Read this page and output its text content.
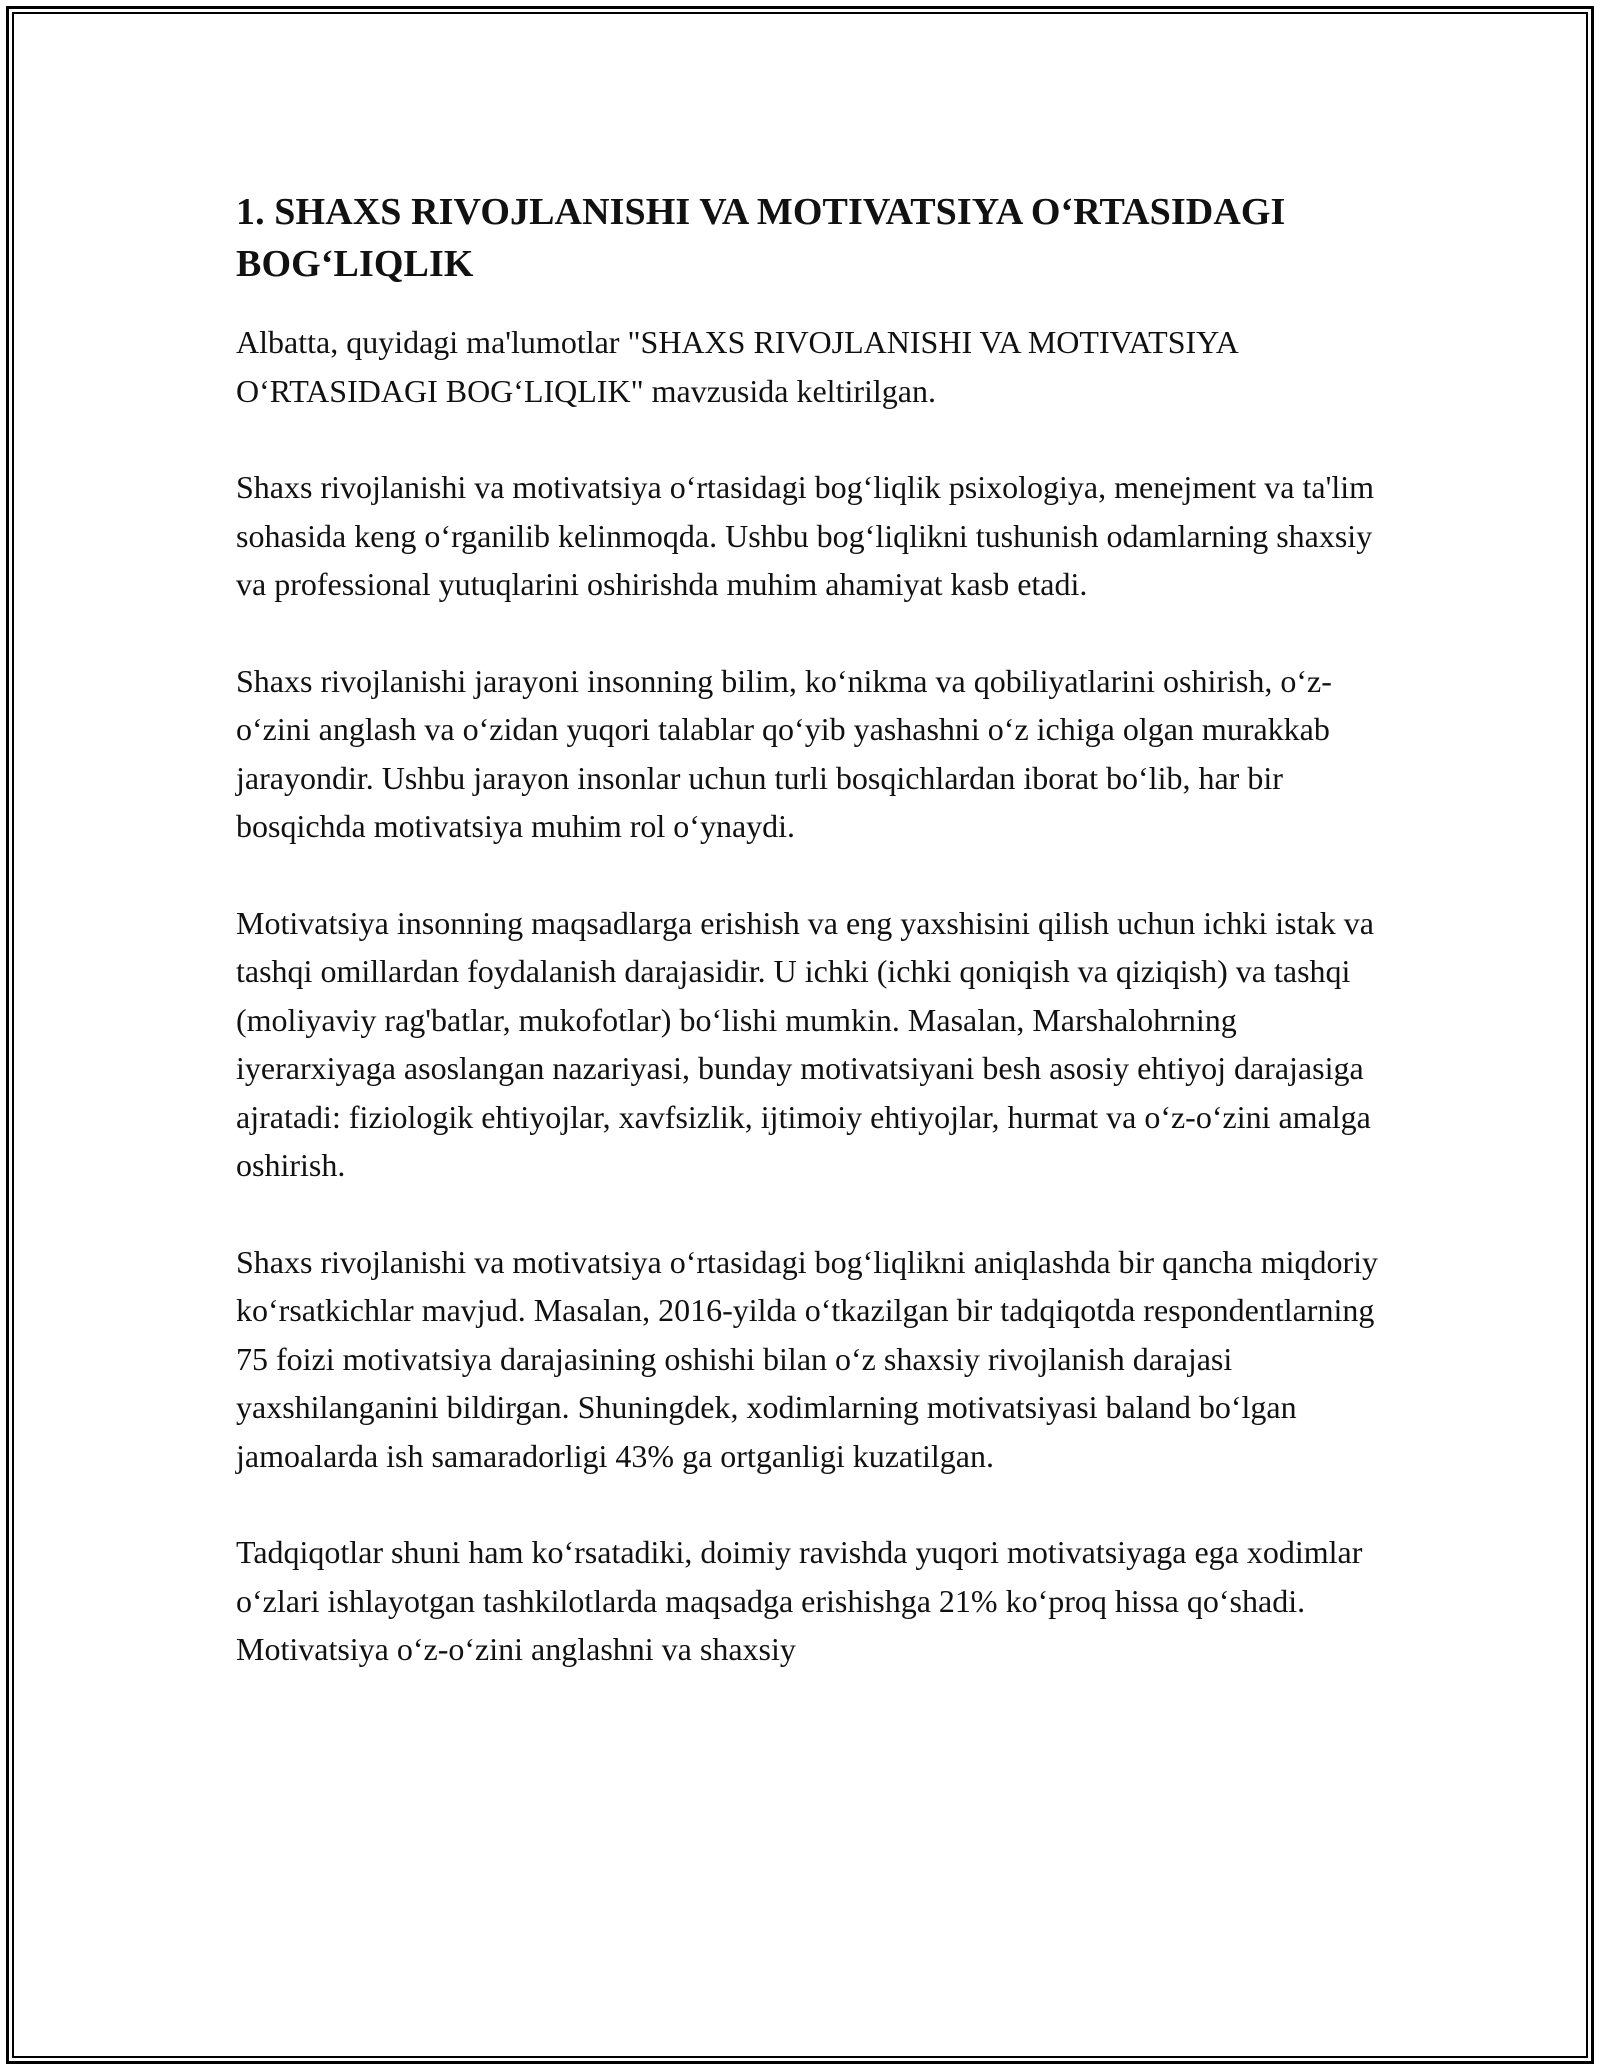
1. SHAXS RIVOJLANISHI VA MOTIVATSIYA O‘RTASIDAGI BOG‘LIQLIK

Albatta, quyidagi ma'lumotlar "SHAXS RIVOJLANISHI VA MOTIVATSIYA O‘RTASIDAGI BOG‘LIQLIK" mavzusida keltirilgan.

Shaxs rivojlanishi va motivatsiya o‘rtasidagi bog‘liqlik psixologiya, menejment va ta'lim sohasida keng o‘rganilib kelinmoqda. Ushbu bog‘liqlikni tushunish odamlarning shaxsiy va professional yutuqlarini oshirishda muhim ahamiyat kasb etadi.

Shaxs rivojlanishi jarayoni insonning bilim, ko‘nikma va qobiliyatlarini oshirish, o‘z-o‘zini anglash va o‘zidan yuqori talablar qo‘yib yashashni o‘z ichiga olgan murakkab jarayondir. Ushbu jarayon insonlar uchun turli bosqichlardan iborat bo‘lib, har bir bosqichda motivatsiya muhim rol o‘ynaydi.

Motivatsiya insonning maqsadlarga erishish va eng yaxshisini qilish uchun ichki istak va tashqi omillardan foydalanish darajasidir. U ichki (ichki qoniqish va qiziqish) va tashqi (moliyaviy rag'batlar, mukofotlar) bo‘lishi mumkin. Masalan, Marshalohrning iyerarxiyaga asoslangan nazariyasi, bunday motivatsiyani besh asosiy ehtiyoj darajasiga ajratadi: fiziologik ehtiyojlar, xavfsizlik, ijtimoiy ehtiyojlar, hurmat va o‘z-o‘zini amalga oshirish.

Shaxs rivojlanishi va motivatsiya o‘rtasidagi bog‘liqlikni aniqlashda bir qancha miqdoriy ko‘rsatkichlar mavjud. Masalan, 2016-yilda o‘tkazilgan bir tadqiqotda respondentlarning 75 foizi motivatsiya darajasining oshishi bilan o‘z shaxsiy rivojlanish darajasi yaxshilanganini bildirgan. Shuningdek, xodimlarning motivatsiyasi baland bo‘lgan jamoalarda ish samaradorligi 43% ga ortganligi kuzatilgan.

Tadqiqotlar shuni ham ko‘rsatadiki, doimiy ravishda yuqori motivatsiyaga ega xodimlar o‘zlari ishlayotgan tashkilotlarda maqsadga erishishga 21% ko‘proq hissa qo‘shadi. Motivatsiya o‘z-o‘zini anglashni va shaxsiy
